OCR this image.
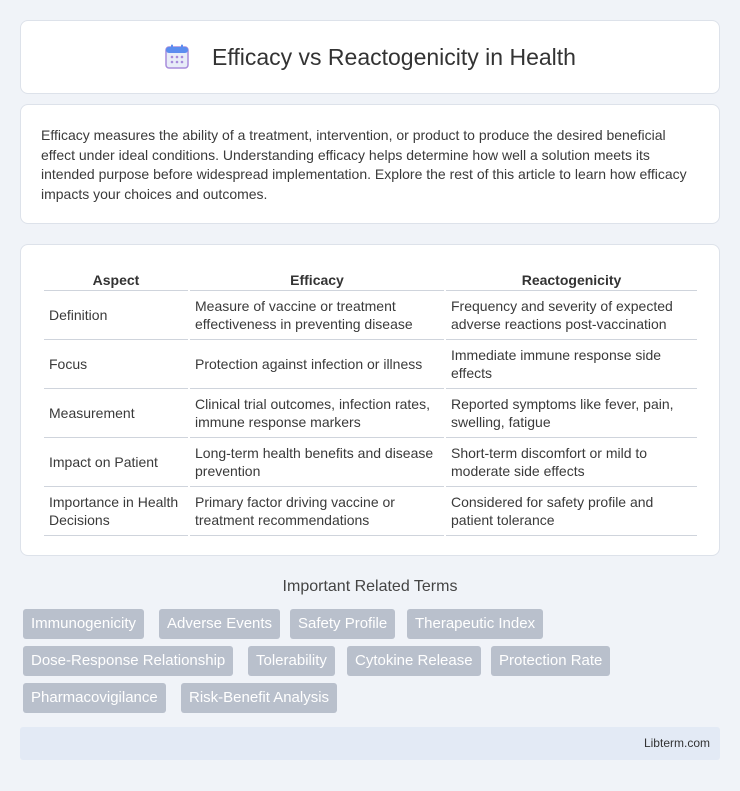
Efficacy vs Reactogenicity in Health

Efficacy measures the ability of a treatment, intervention, or product to produce the desired beneficial effect under ideal conditions. Understanding efficacy helps determine how well a solution meets its intended purpose before widespread implementation. Explore the rest of this article to learn how efficacy impacts your choices and outcomes.

Aspect	Efficacy	Reactogenicity
Definition	Measure of vaccine or treatment effectiveness in preventing disease	Frequency and severity of expected adverse reactions post-vaccination
Focus	Protection against infection or illness	Immediate immune response side effects
Measurement	Clinical trial outcomes, infection rates, immune response markers	Reported symptoms like fever, pain, swelling, fatigue
Impact on Patient	Long-term health benefits and disease prevention	Short-term discomfort or mild to moderate side effects
Importance in Health Decisions	Primary factor driving vaccine or treatment recommendations	Considered for safety profile and patient tolerance
Important Related Terms
Immunogenicity	Adverse Events	Safety Profile	Therapeutic Index
Dose-Response Relationship	Tolerability	Cytokine Release	Protection Rate
Pharmacovigilance	Risk-Benefit Analysis
Libterm.com
